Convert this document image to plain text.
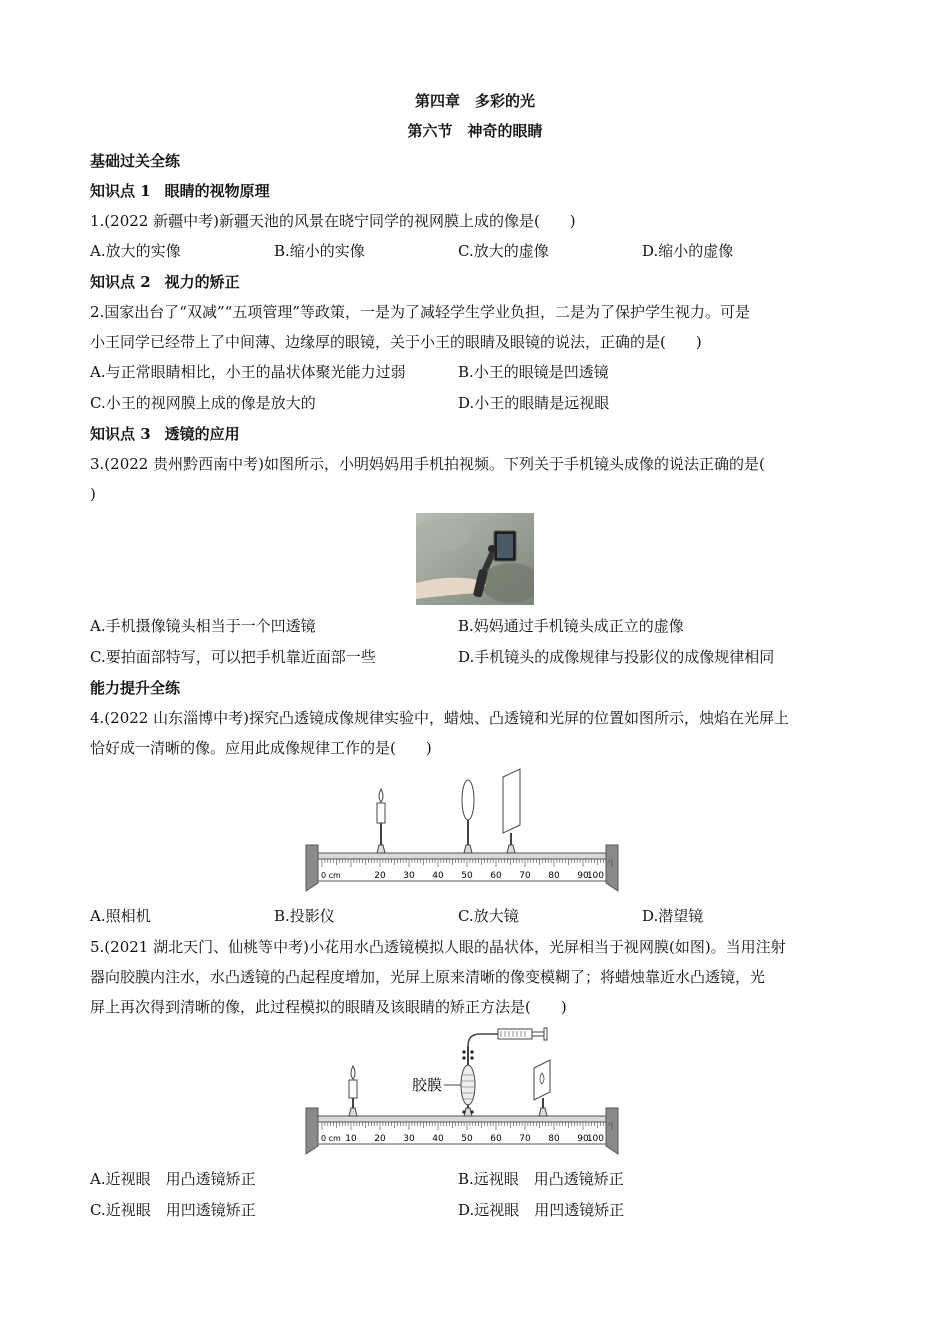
第四章　多彩的光
第六节　神奇的眼睛
基础过关全练
知识点 1 眼睛的视物原理
1.(2022 新疆中考)新疆天池的风景在晓宁同学的视网膜上成的像是(　　)
A.放大的实像	B.缩小的实像	C.放大的虚像	D.缩小的虚像
知识点 2 视力的矫正
2.国家出台了“双减”“五项管理”等政策，一是为了减轻学生学业负担，二是为了保护学生视力。可是
小王同学已经带上了中间薄、边缘厚的眼镜，关于小王的眼睛及眼镜的说法，正确的是(　　)
A.与正常眼睛相比，小王的晶状体聚光能力过弱	B.小王的眼镜是凹透镜
C.小王的视网膜上成的像是放大的	D.小王的眼睛是远视眼
知识点 3 透镜的应用
3.(2022 贵州黔西南中考)如图所示，小明妈妈用手机拍视频。下列关于手机镜头成像的说法正确的是(
)
A.手机摄像镜头相当于一个凹透镜	B.妈妈通过手机镜头成正立的虚像
C.要拍面部特写，可以把手机靠近面部一些	D.手机镜头的成像规律与投影仪的成像规律相同
能力提升全练
4.(2022 山东淄博中考)探究凸透镜成像规律实验中，蜡烛、凸透镜和光屏的位置如图所示，烛焰在光屏上
恰好成一清晰的像。应用此成像规律工作的是(　　)
0 cm	20 30 40 50 60 70 80 90
100
A.照相机	B.投影仪	C.放大镜	D.潜望镜
5.(2021 湖北天门、仙桃等中考)小花用水凸透镜模拟人眼的晶状体，光屏相当于视网膜(如图)。当用注射
器向胶膜内注水，水凸透镜的凸起程度增加，光屏上原来清晰的像变模糊了；将蜡烛靠近水凸透镜，光
屏上再次得到清晰的像，此过程模拟的眼睛及该眼睛的矫正方法是(　　)
0 cm 10 20 30 40 50 60 70 80 90
100
胶膜
A.近视眼　用凸透镜矫正	B.远视眼　用凸透镜矫正
C.近视眼　用凹透镜矫正	D.远视眼　用凹透镜矫正
